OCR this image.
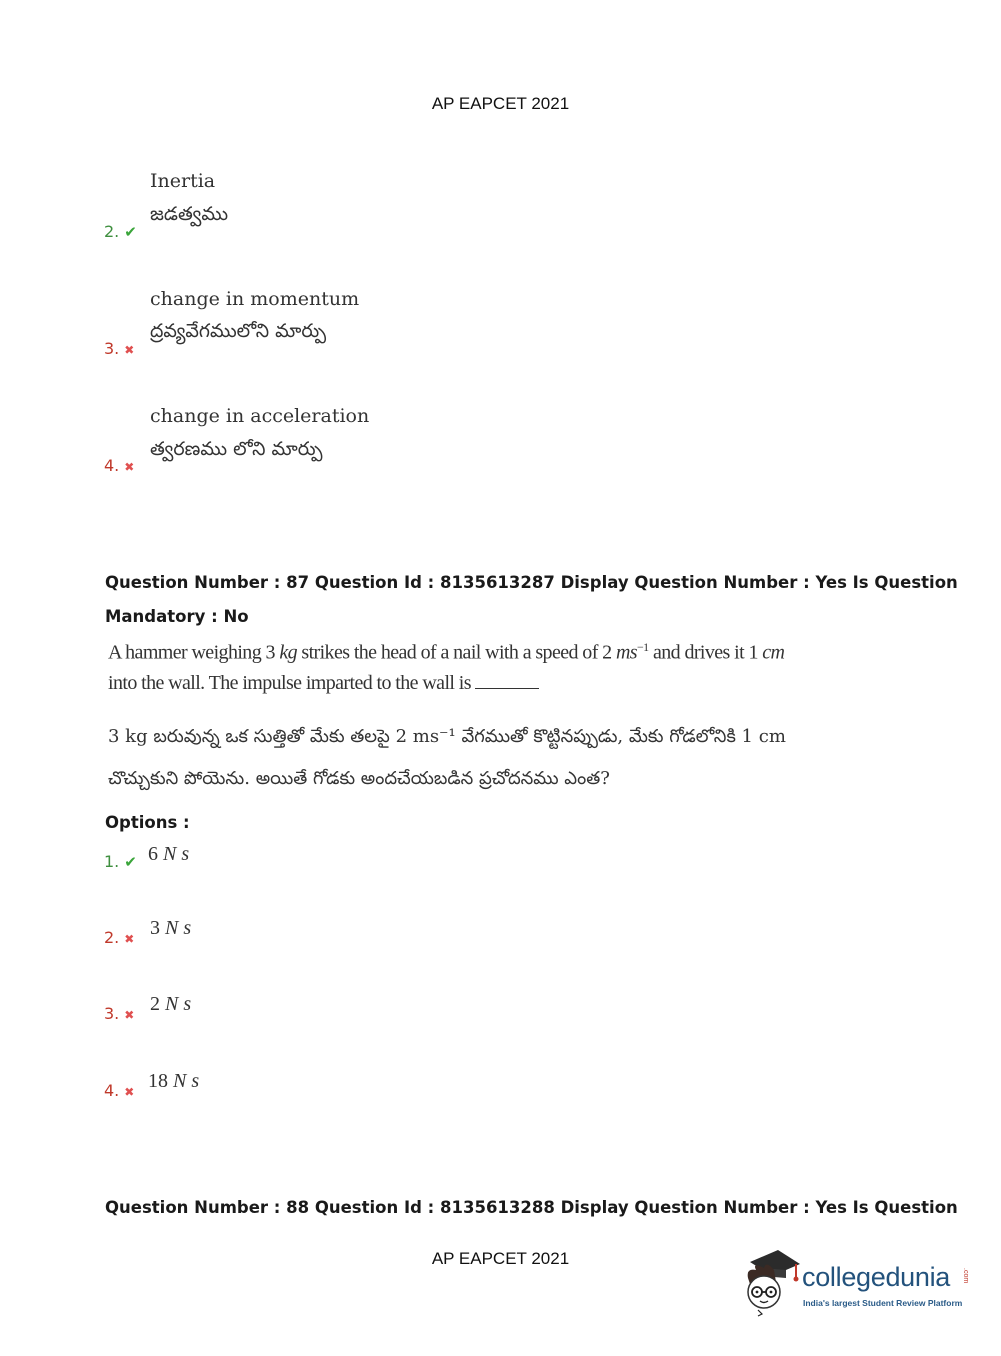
AP EAPCET 2021
Inertia
జడత్వము
2. ✔
change in momentum
ద్రవ్యవేగములోని మార్పు
3. ✖
change in acceleration
త్వరణము లోని మార్పు
4. ✖
Question Number : 87 Question Id : 8135613287 Display Question Number : Yes Is Question
Mandatory : No
A hammer weighing 3 kg strikes the head of a nail with a speed of 2 $ms^{-1}$ and drives it 1 cm
into the wall. The impulse imparted to the wall is
3 kg బరువున్న ఒక సుత్తితో మేకు తలపై 2 ms⁻¹ వేగముతో కొట్టినప్పుడు, మేకు గోడలోనికి 1 cm
చొచ్చుకుని పోయెను. అయితే గోడకు అందచేయబడిన ప్రచోదనము ఎంత?
Options :
1. ✔ 6 N s
2. ✖ 3 N s
3. ✖ 2 N s
4. ✖ 18 N s
Question Number : 88 Question Id : 8135613288 Display Question Number : Yes Is Question
AP EAPCET 2021
collegedunia .com
India's largest Student Review Platform
